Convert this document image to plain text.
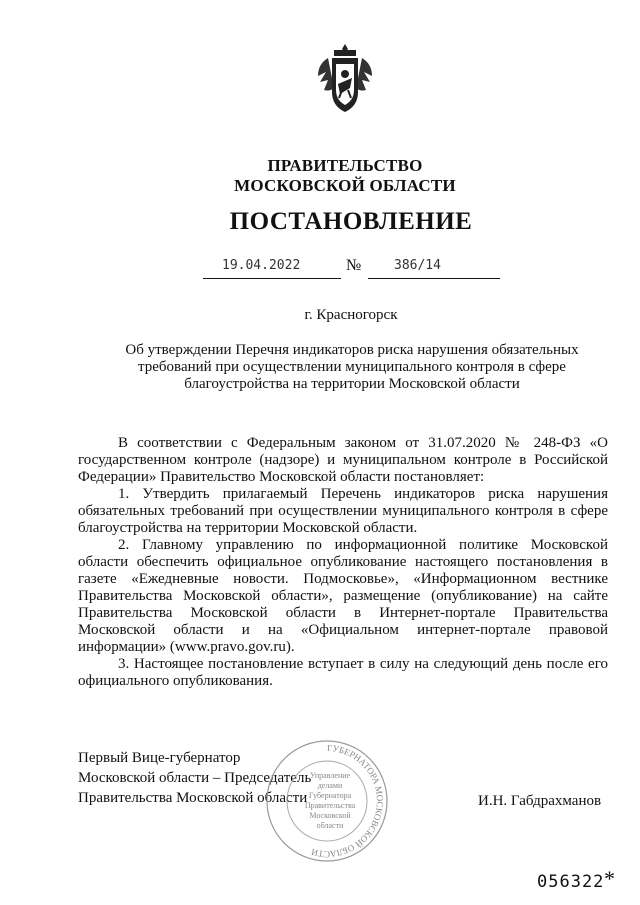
ПРАВИТЕЛЬСТВО
МОСКОВСКОЙ ОБЛАСТИ
ПОСТАНОВЛЕНИЕ
19.04.2022	№	386/14
г. Красногорск
Об утверждении Перечня индикаторов риска нарушения обязательных требований при осуществлении муниципального контроля в сфере благоустройства на территории Московской области

В соответствии с Федеральным законом от 31.07.2020 № 248-ФЗ «О государственном контроле (надзоре) и муниципальном контроле в Российской Федерации» Правительство Московской области постановляет:

1. Утвердить прилагаемый Перечень индикаторов риска нарушения обязательных требований при осуществлении муниципального контроля в сфере благоустройства на территории Московской области.

2. Главному управлению по информационной политике Московской области обеспечить официальное опубликование настоящего постановления в газете «Ежедневные новости. Подмосковье», «Информационном вестнике Правительства Московской области», размещение (опубликование) на сайте Правительства Московской области в Интернет-портале Правительства Московской области и на «Официальном интернет-портале правовой информации» (www.pravo.gov.ru).

3. Настоящее постановление вступает в силу на следующий день после его официального опубликования.

Первый Вице-губернатор
Московской области – Председатель
Правительства Московской области
ГУБЕРНАТОРА МОСКОВСКОЙ ОБЛАСТИ
Управление
делами
Губернатора
Правительства
Московской
области
И.Н. Габдрахманов
056322 *
